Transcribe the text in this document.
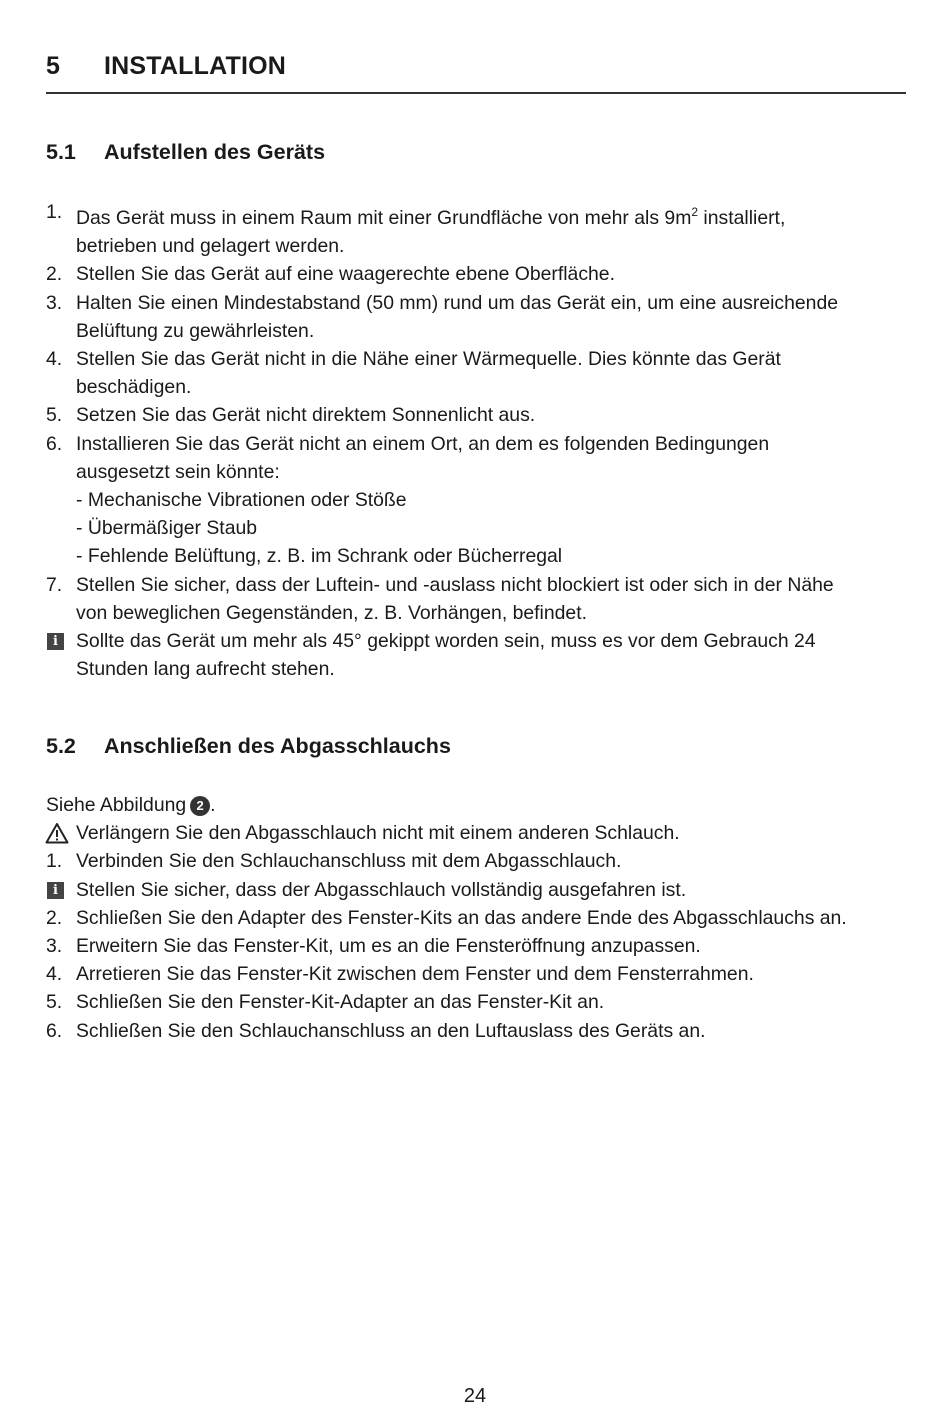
5 INSTALLATION
5.1 Aufstellen des Geräts
1. Das Gerät muss in einem Raum mit einer Grundfläche von mehr als $9m^2$ installiert,
betrieben und gelagert werden.
2. Stellen Sie das Gerät auf eine waagerechte ebene Oberfläche.
3. Halten Sie einen Mindestabstand (50 mm) rund um das Gerät ein, um eine ausreichende
Belüftung zu gewährleisten.
4. Stellen Sie das Gerät nicht in die Nähe einer Wärmequelle. Dies könnte das Gerät
beschädigen.
5. Setzen Sie das Gerät nicht direktem Sonnenlicht aus.
6. Installieren Sie das Gerät nicht an einem Ort, an dem es folgenden Bedingungen
ausgesetzt sein könnte:
- Mechanische Vibrationen oder Stöße
- Übermäßiger Staub
- Fehlende Belüftung, z. B. im Schrank oder Bücherregal
7. Stellen Sie sicher, dass der Luftein- und -auslass nicht blockiert ist oder sich in der Nähe
von beweglichen Gegenständen, z. B. Vorhängen, befindet.
i Sollte das Gerät um mehr als 45° gekippt worden sein, muss es vor dem Gebrauch 24
Stunden lang aufrecht stehen.
5.2 Anschließen des Abgasschlauchs
Siehe Abbildung 2 .
Verlängern Sie den Abgasschlauch nicht mit einem anderen Schlauch.
1. Verbinden Sie den Schlauchanschluss mit dem Abgasschlauch.
i Stellen Sie sicher, dass der Abgasschlauch vollständig ausgefahren ist.
2. Schließen Sie den Adapter des Fenster-Kits an das andere Ende des Abgasschlauchs an.
3. Erweitern Sie das Fenster-Kit, um es an die Fensteröffnung anzupassen.
4. Arretieren Sie das Fenster-Kit zwischen dem Fenster und dem Fensterrahmen.
5. Schließen Sie den Fenster-Kit-Adapter an das Fenster-Kit an.
6. Schließen Sie den Schlauchanschluss an den Luftauslass des Geräts an.
24
